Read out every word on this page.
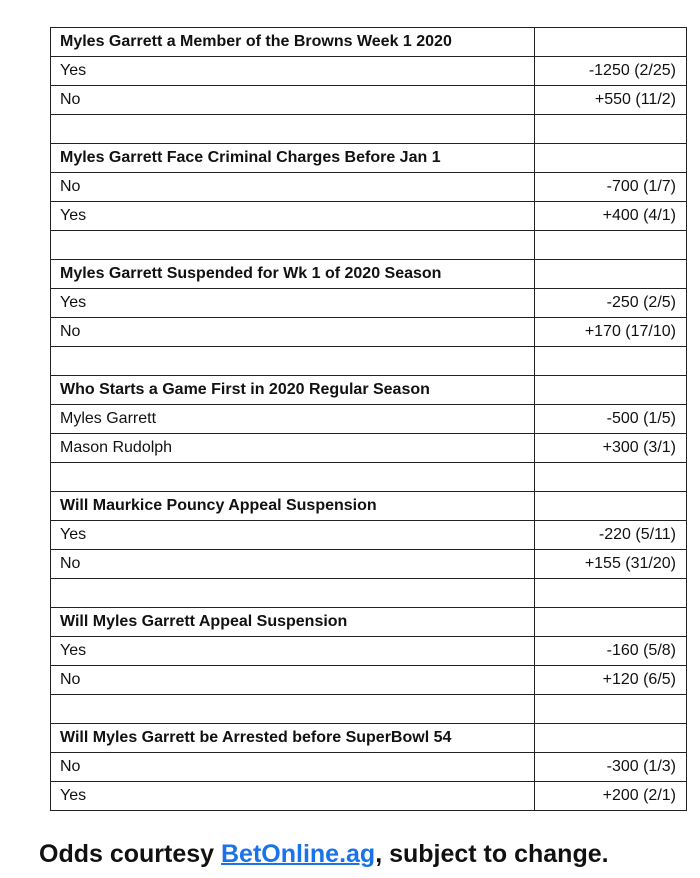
Myles Garrett a Member of the Browns Week 1 2020	
Yes	-1250 (2/25)
No	+550 (11/2)

Myles Garrett Face Criminal Charges Before Jan 1	
No	-700 (1/7)
Yes	+400 (4/1)

Myles Garrett Suspended for Wk 1 of 2020 Season	
Yes	-250 (2/5)
No	+170 (17/10)

Who Starts a Game First in 2020 Regular Season	
Myles Garrett	-500 (1/5)
Mason Rudolph	+300 (3/1)

Will Maurkice Pouncy Appeal Suspension	
Yes	-220 (5/11)
No	+155 (31/20)

Will Myles Garrett Appeal Suspension	
Yes	-160 (5/8)
No	+120 (6/5)

Will Myles Garrett be Arrested before SuperBowl 54	
No	-300 (1/3)
Yes	+200 (2/1)
Odds courtesy BetOnline.ag, subject to change.
